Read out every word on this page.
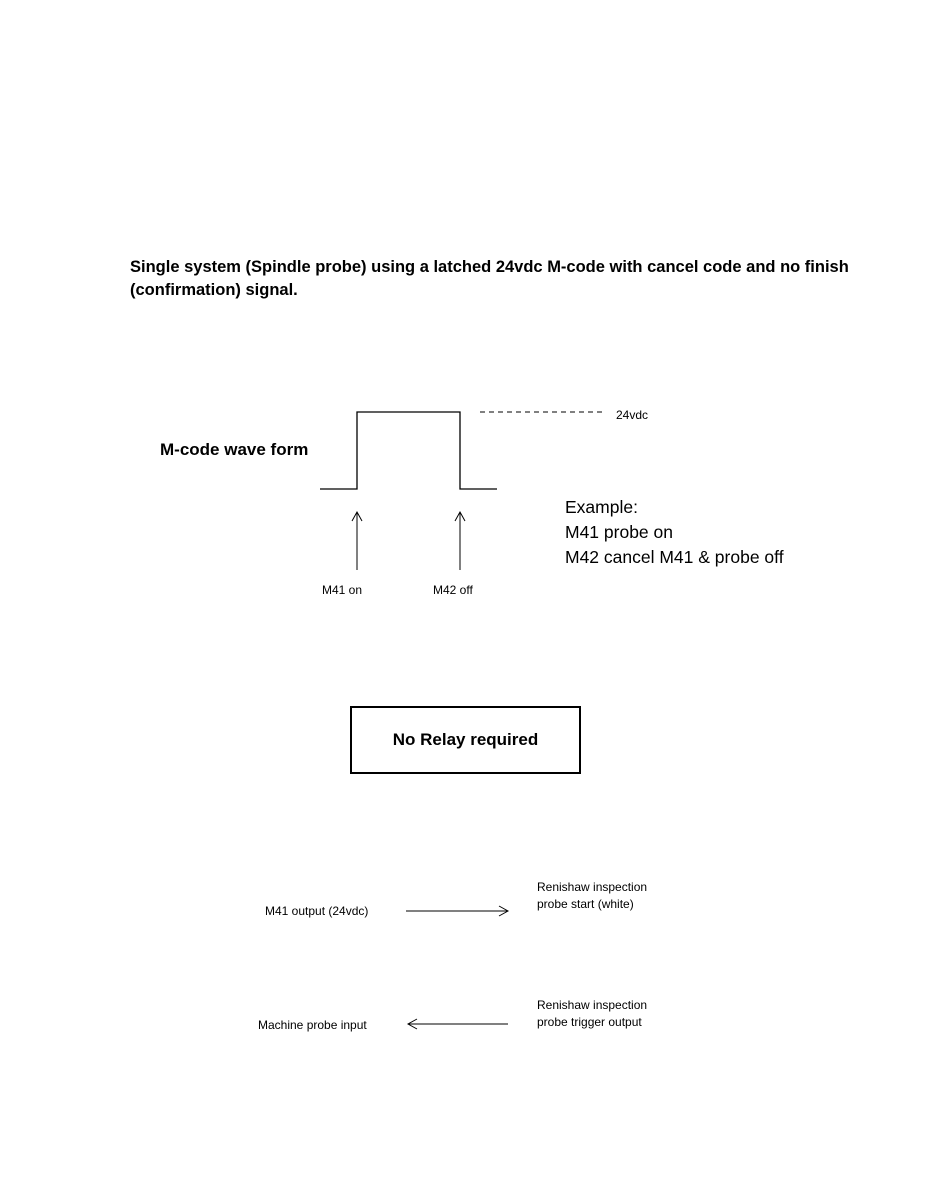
Single system (Spindle probe) using a latched 24vdc M-code with cancel code and no finish (confirmation) signal.
M-code wave form
24vdc
M41 on	M42 off
Example:
M41 probe on
M42 cancel M41 & probe off
No Relay required
M41 output (24vdc)
Renishaw inspection
probe start (white)
Machine probe input
Renishaw inspection
probe trigger output
